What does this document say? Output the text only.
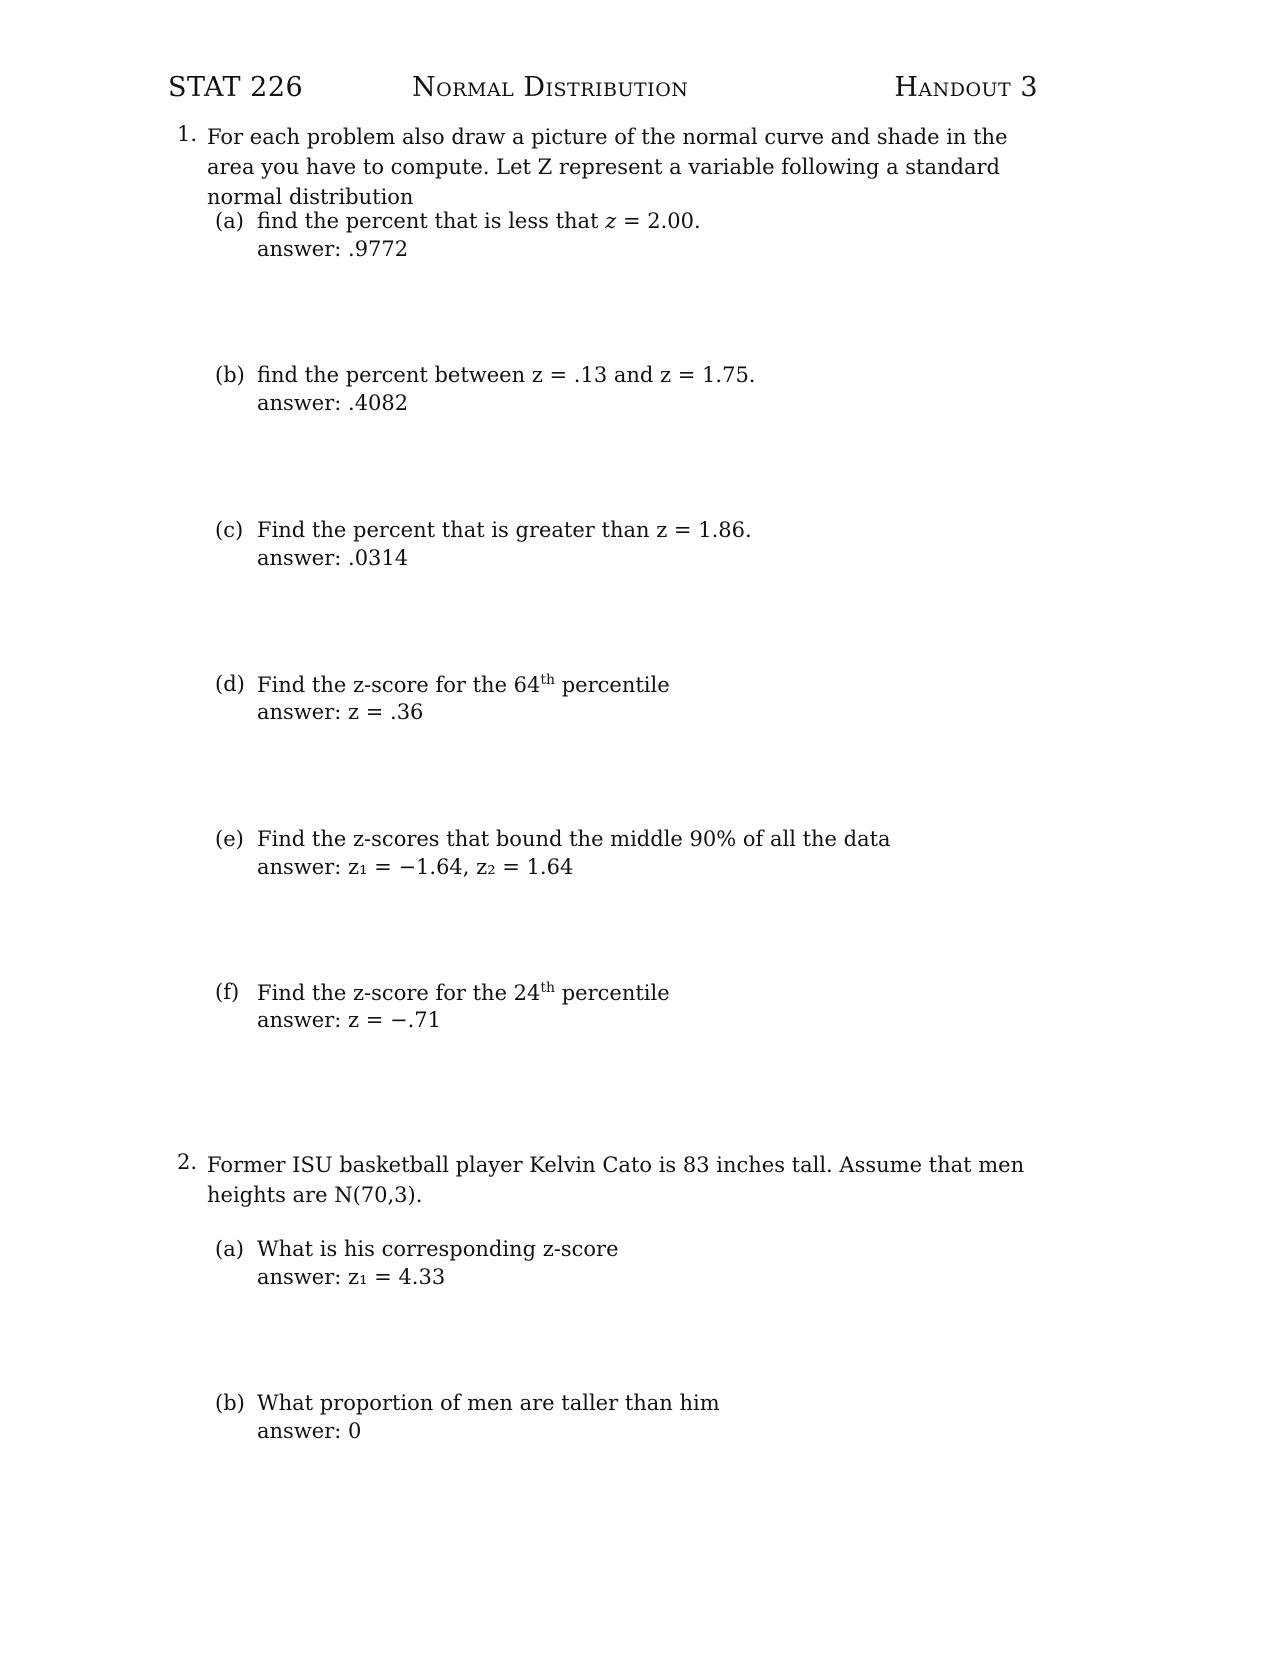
STAT 226	Normal Distribution	Handout 3
1. For each problem also draw a picture of the normal curve and shade in the area you have to compute. Let Z represent a variable following a standard normal distribution
(a) find the percent that is less that z = 2.00.
answer: .9772
(b) find the percent between z = .13 and z = 1.75.
answer: .4082
(c) Find the percent that is greater than z = 1.86.
answer: .0314
(d) Find the z-score for the 64th percentile
answer: z = .36
(e) Find the z-scores that bound the middle 90% of all the data
answer: z₁ = −1.64, z₂ = 1.64
(f) Find the z-score for the 24th percentile
answer: z = −.71
2. Former ISU basketball player Kelvin Cato is 83 inches tall. Assume that men heights are N(70,3).
(a) What is his corresponding z-score
answer: z₁ = 4.33
(b) What proportion of men are taller than him
answer: 0
